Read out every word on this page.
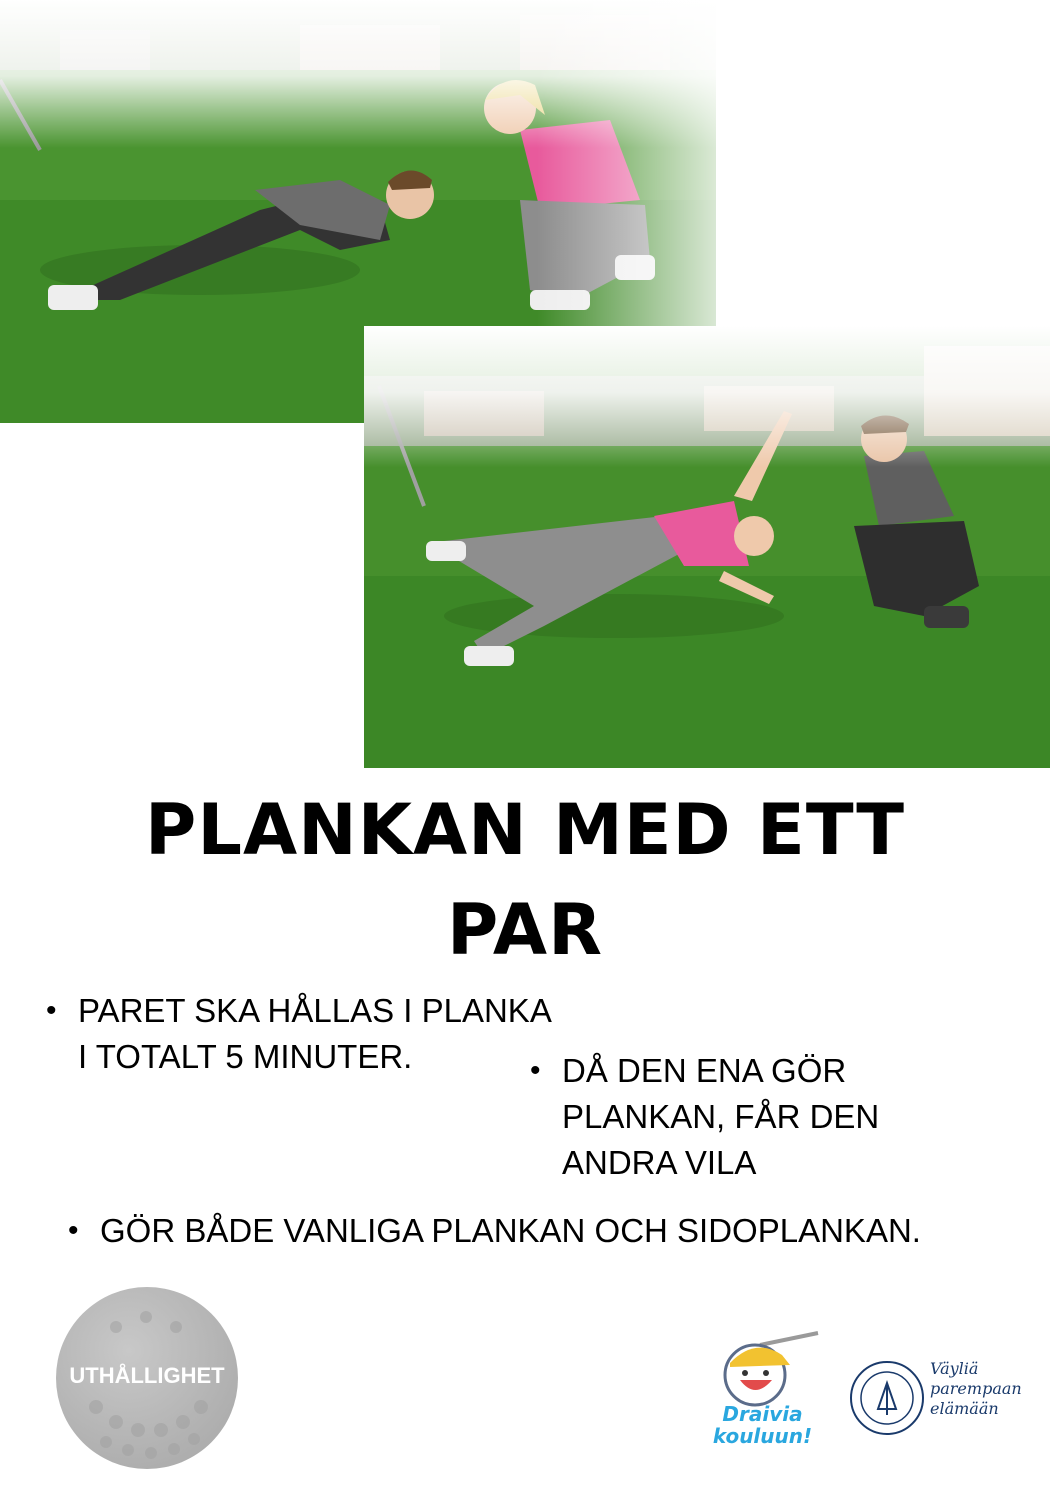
PLANKAN MED ETT
PAR
• PARET SKA HÅLLAS I PLANKA
I TOTALT 5 MINUTER.	• DÅ DEN ENA GÖR
PLANKAN, FÅR DEN
ANDRA VILA
• GÖR BÅDE VANLIGA PLANKAN OCH SIDOPLANKAN.
UTHÅLLIGHET
Draivia
kouluun!
Väyliä
parempaan
elämään
